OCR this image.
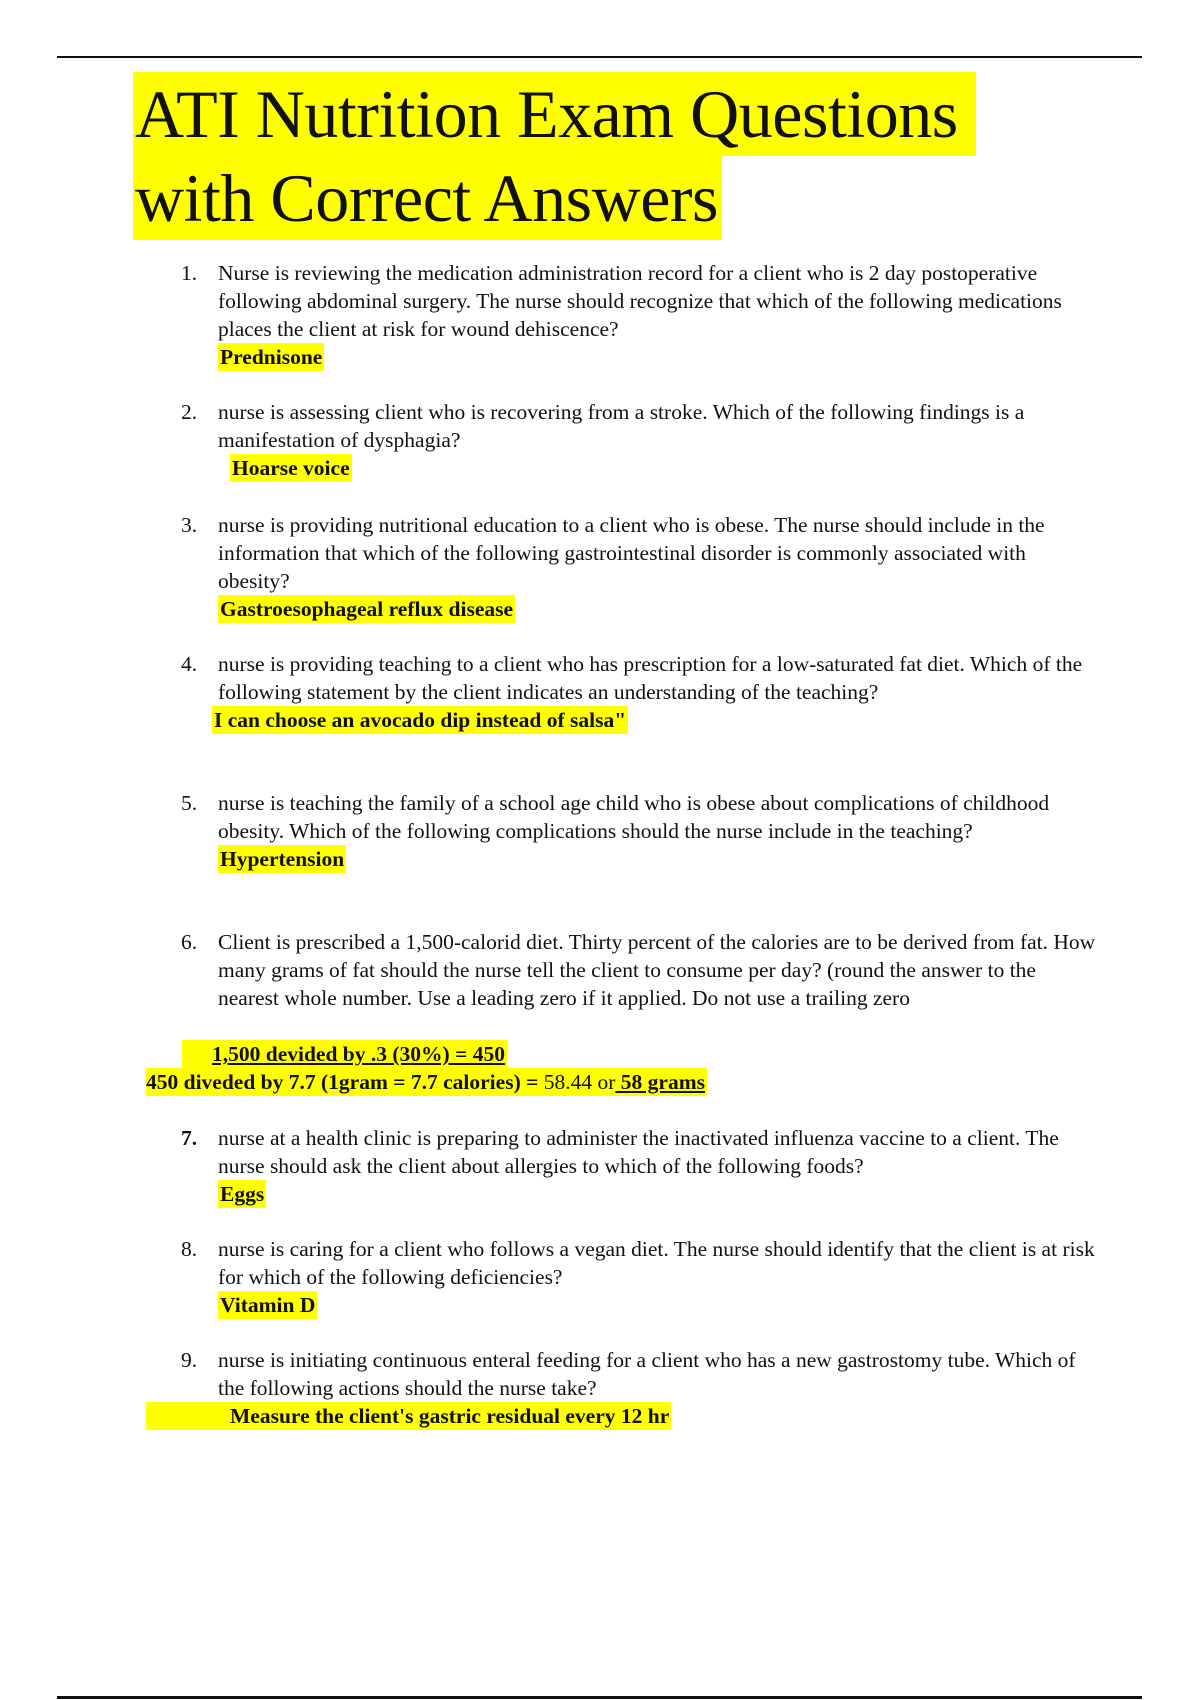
ATI Nutrition Exam Questions
with Correct Answers
1. Nurse is reviewing the medication administration record for a client who is 2 day postoperative following abdominal surgery. The nurse should recognize that which of the following medications places the client at risk for wound dehiscence?
Prednisone
2. nurse is assessing client who is recovering from a stroke. Which of the following findings is a manifestation of dysphagia?
Hoarse voice
3. nurse is providing nutritional education to a client who is obese. The nurse should include in the information that which of the following gastrointestinal disorder is commonly associated with obesity?
Gastroesophageal reflux disease
4. nurse is providing teaching to a client who has prescription for a low-saturated fat diet. Which of the following statement by the client indicates an understanding of the teaching?
I can choose an avocado dip instead of salsa"
5. nurse is teaching the family of a school age child who is obese about complications of childhood obesity. Which of the following complications should the nurse include in the teaching?
Hypertension
6. Client is prescribed a 1,500-calorid diet. Thirty percent of the calories are to be derived from fat. How many grams of fat should the nurse tell the client to consume per day? (round the answer to the nearest whole number. Use a leading zero if it applied. Do not use a trailing zero
1,500 devided by .3 (30%) = 450
450 diveded by 7.7 (1gram = 7.7 calories) = 58.44 or 58 grams
7. nurse at a health clinic is preparing to administer the inactivated influenza vaccine to a client. The nurse should ask the client about allergies to which of the following foods?
Eggs
8. nurse is caring for a client who follows a vegan diet. The nurse should identify that the client is at risk for which of the following deficiencies?
Vitamin D
9. nurse is initiating continuous enteral feeding for a client who has a new gastrostomy tube. Which of the following actions should the nurse take?
Measure the client's gastric residual every 12 hr
